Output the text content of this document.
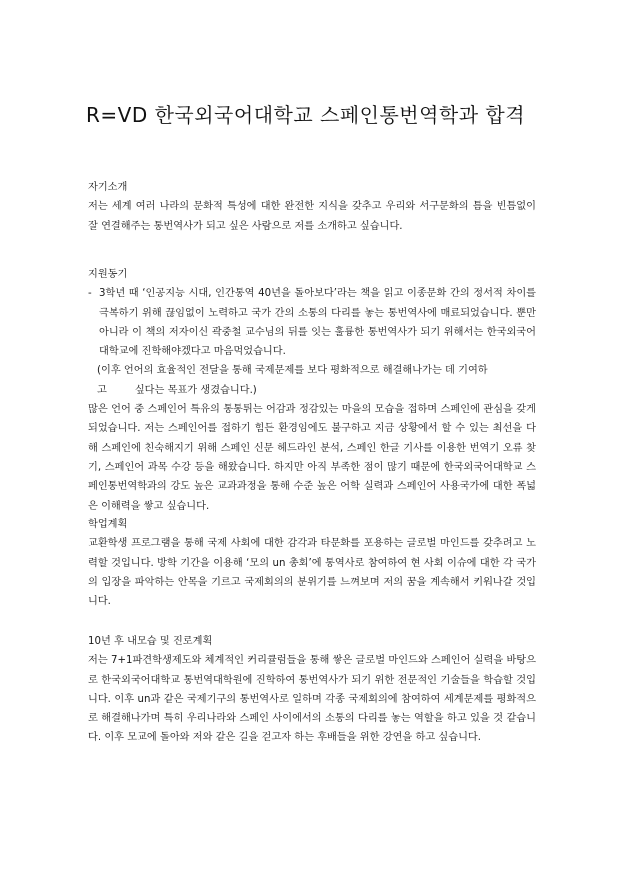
R=VD 한국외국어대학교 스페인통번역학과 합격
자기소개

저는 세계 여러 나라의 문화적 특성에 대한 완전한 지식을 갖추고 우리와 서구문화의 틈을 빈틈없이 잘 연결해주는 통번역사가 되고 싶은 사람으로 저를 소개하고 싶습니다.

지원동기
- 3학년 때 ‘인공지능 시대, 인간통역 40년을 돌아보다’라는 책을 읽고 이종문화 간의 정서적 차이를 극복하기 위해 끊임없이 노력하고 국가 간의 소통의 다리를 놓는 통번역사에 매료되었습니다. 뿐만 아니라 이 책의 저자이신 곽중철 교수님의 뒤를 잇는 훌륭한 통번역사가 되기 위해서는 한국외국어대학교에 진학해야겠다고 마음먹었습니다.
(이후 언어의 효율적인 전달을 통해 국제문제를 보다 평화적으로 해결해나가는 데 기여하
고	싶다는 목표가 생겼습니다.)

많은 언어 중 스페인어 특유의 통통튀는 어감과 정감있는 마을의 모습을 접하며 스페인에 관심을 갖게 되었습니다. 저는 스페인어를 접하기 힘든 환경임에도 불구하고 지금 상황에서 할 수 있는 최선을 다해 스페인에 친숙해지기 위해 스페인 신문 헤드라인 분석, 스페인 한글 기사를 이용한 번역기 오류 찾기, 스페인어 과목 수강 등을 해왔습니다. 하지만 아직 부족한 점이 많기 때문에 한국외국어대학교 스페인통번역학과의 강도 높은 교과과정을 통해 수준 높은 어학 실력과 스페인어 사용국가에 대한 폭넓은 이해력을 쌓고 싶습니다.

학업계획

교환학생 프로그램을 통해 국제 사회에 대한 감각과 타문화를 포용하는 글로벌 마인드를 갖추려고 노력할 것입니다. 방학 기간을 이용해 ‘모의 un 총회’에 통역사로 참여하여 현 사회 이슈에 대한 각 국가의 입장을 파악하는 안목을 기르고 국제회의의 분위기를 느껴보며 저의 꿈을 계속해서 키워나갈 것입니다.

10년 후 내모습 및 진로계획

저는 7+1파견학생제도와 체계적인 커리큘럼들을 통해 쌓은 글로벌 마인드와 스페인어 실력을 바탕으로 한국외국어대학교 통번역대학원에 진학하여 통번역사가 되기 위한 전문적인 기술들을 학습할 것입니다. 이후 un과 같은 국제기구의 통번역사로 일하며 각종 국제회의에 참여하여 세계문제를 평화적으로 해결해나가며 특히 우리나라와 스페인 사이에서의 소통의 다리를 놓는 역할을 하고 있을 것 같습니다. 이후 모교에 돌아와 저와 같은 길을 걷고자 하는 후배들을 위한 강연을 하고 싶습니다.
